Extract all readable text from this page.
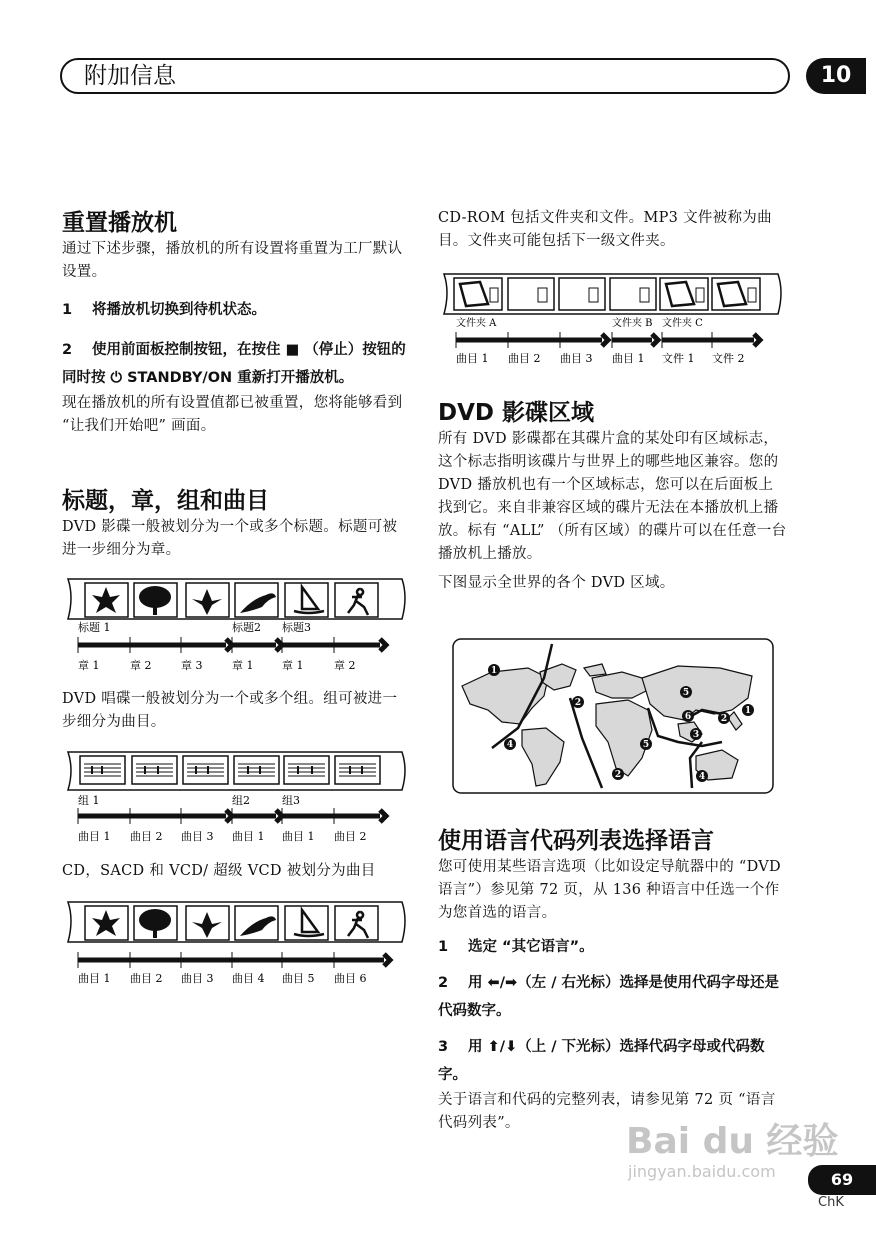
附加信息	10
重置播放机
通过下述步骤，播放机的所有设置将重置为工厂默认设置。
1 将播放机切换到待机状态。
2 使用前面板控制按钮，在按住 ■ （停止）按钮的同时按 ⏻ STANDBY/ON 重新打开播放机。
现在播放机的所有设置值都已被重置，您将能够看到 “让我们开始吧” 画面。
标题，章，组和曲目
DVD 影碟一般被划分为一个或多个标题。标题可被进一步细分为章。
标题 1	标题2 标题3
章 1	章 2	章 3	章 1	章 1	章 2
DVD 唱碟一般被划分为一个或多个组。组可被进一步细分为曲目。
组 1	组2	组3
曲目 1 曲目 2 曲目 3 曲目 1 曲目 1 曲目 2
CD，SACD 和 VCD/ 超级 VCD 被划分为曲目
曲目 1 曲目 2 曲目 3 曲目 4 曲目 5 曲目 6
CD-ROM 包括文件夹和文件。MP3 文件被称为曲目。文件夹可能包括下一级文件夹。
文件夹 A	文件夹 B 文件夹 C
曲目 1 曲目 2 曲目 3 曲目 1 文件 1 文件 2
DVD 影碟区域
所有 DVD 影碟都在其碟片盒的某处印有区域标志，这个标志指明该碟片与世界上的哪些地区兼容。您的 DVD 播放机也有一个区域标志，您可以在后面板上找到它。来自非兼容区域的碟片无法在本播放机上播放。标有 “ALL” （所有区域）的碟片可以在任意一台播放机上播放。
下图显示全世界的各个 DVD 区域。
1
2
1
2
5
6
3
4	5
2	4
使用语言代码列表选择语言
您可使用某些语言选项（比如设定导航器中的 “DVD 语言”）参见第 72 页，从 136 种语言中任选一个作为您首选的语言。
1 选定 “其它语言”。
2 用 ⬅/➡（左 / 右光标）选择是使用代码字母还是代码数字。
3 用 ⬆/⬇（上 / 下光标）选择代码字母或代码数字。
关于语言和代码的完整列表，请参见第 72 页 “语言代码列表”。	Bai du 经验
jingyan.baidu.com	69
ChK
